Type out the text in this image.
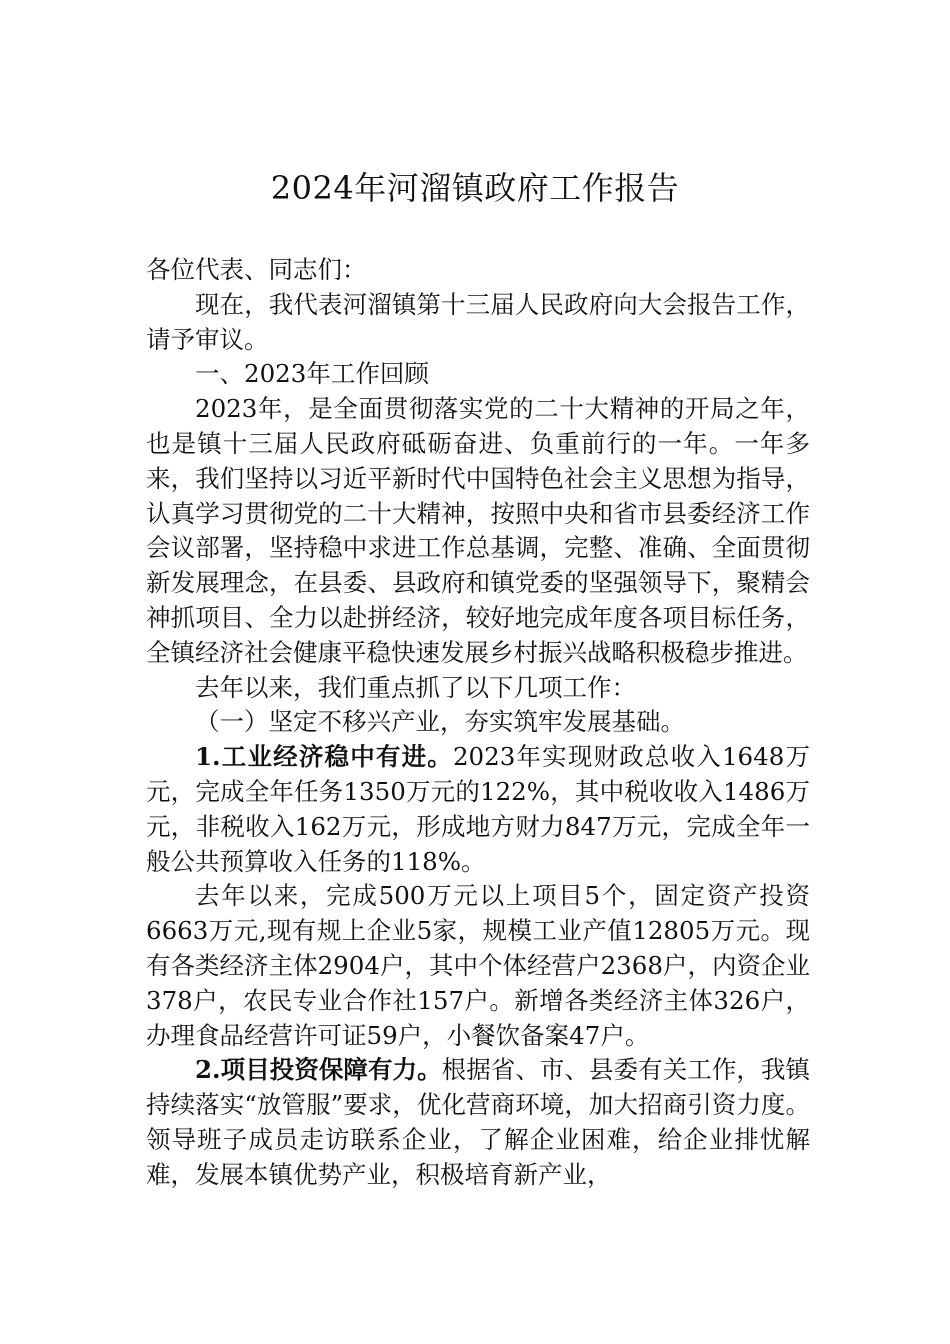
2024年河溜镇政府工作报告

各位代表、同志们：

现在，我代表河溜镇第十三届人民政府向大会报告工作，请予审议。

一、2023年工作回顾

2023年，是全面贯彻落实党的二十大精神的开局之年，也是镇十三届人民政府砥砺奋进、负重前行的一年。一年多来，我们坚持以习近平新时代中国特色社会主义思想为指导，认真学习贯彻党的二十大精神，按照中央和省市县委经济工作会议部署，坚持稳中求进工作总基调，完整、准确、全面贯彻新发展理念，在县委、县政府和镇党委的坚强领导下，聚精会神抓项目、全力以赴拼经济，较好地完成年度各项目标任务，全镇经济社会健康平稳快速发展乡村振兴战略积极稳步推进。

去年以来，我们重点抓了以下几项工作：

（一）坚定不移兴产业，夯实筑牢发展基础。

1.工业经济稳中有进。2023年实现财政总收入1648万元，完成全年任务1350万元的122%，其中税收收入1486万元，非税收入162万元，形成地方财力847万元，完成全年一般公共预算收入任务的118%。

去年以来，完成500万元以上项目5个，固定资产投资6663万元,现有规上企业5家，规模工业产值12805万元。现有各类经济主体2904户，其中个体经营户2368户，内资企业378户，农民专业合作社157户。新增各类经济主体326户，办理食品经营许可证59户，小餐饮备案47户。

2.项目投资保障有力。根据省、市、县委有关工作，我镇持续落实“放管服”要求，优化营商环境，加大招商引资力度。领导班子成员走访联系企业，了解企业困难，给企业排忧解难，发展本镇优势产业，积极培育新产业，
